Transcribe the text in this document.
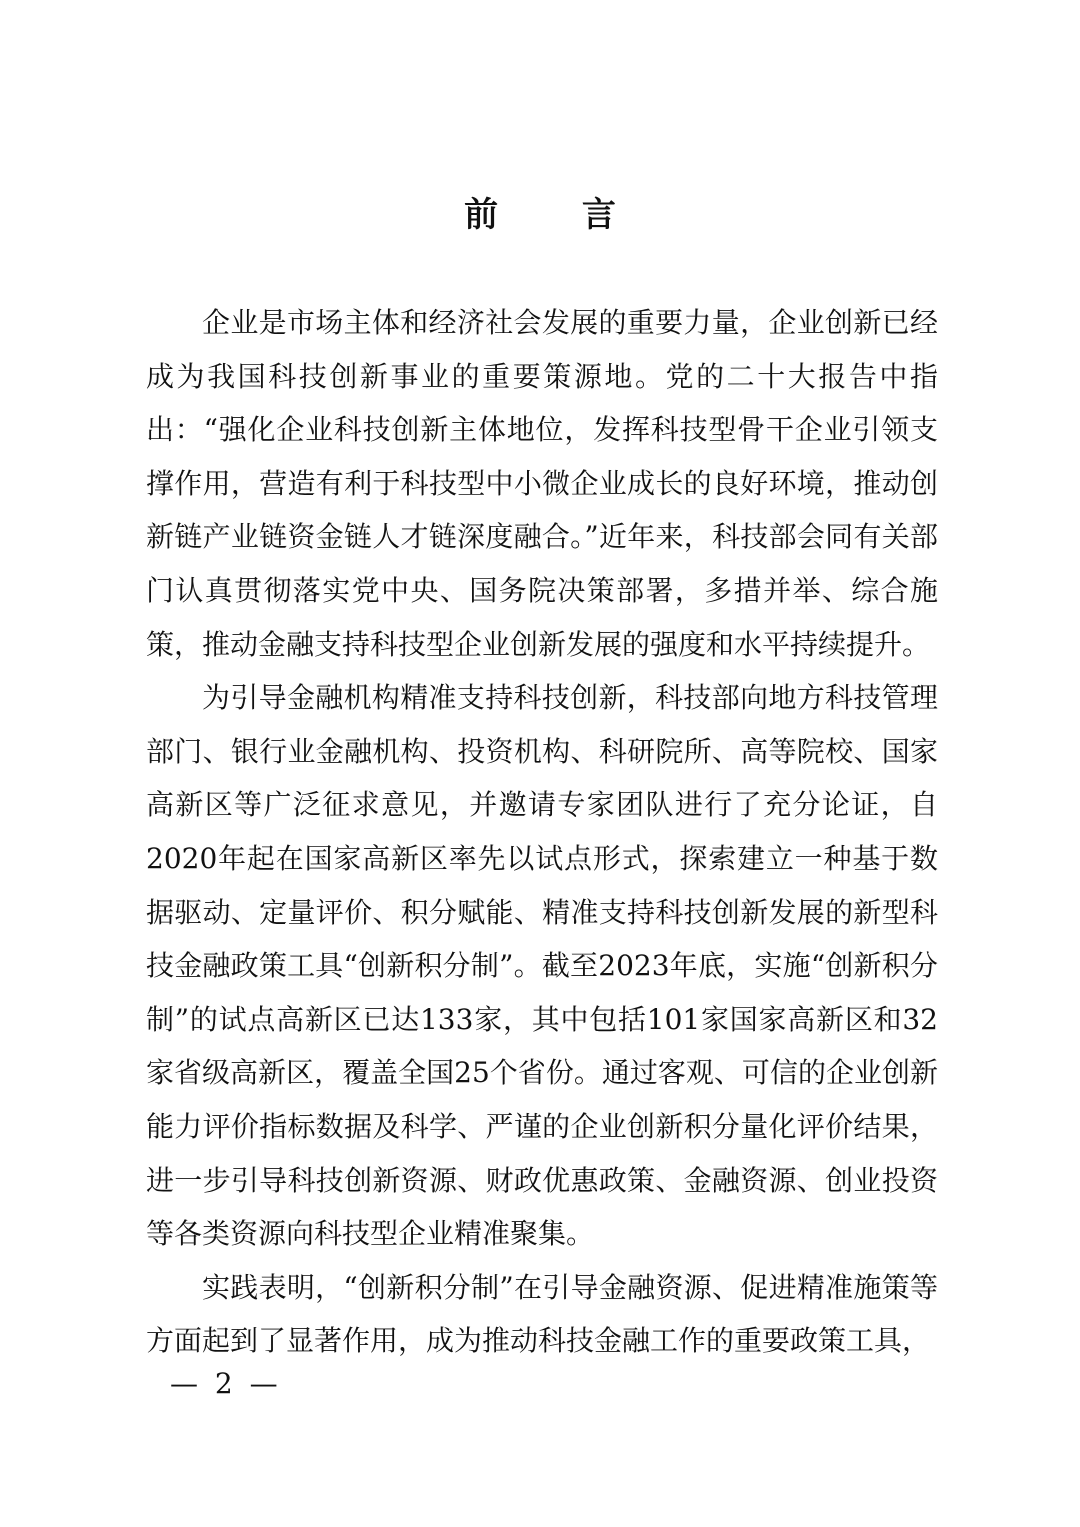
前 言

企业是市场主体和经济社会发展的重要力量，企业创新已经成为我国科技创新事业的重要策源地。党的二十大报告中指出：“强化企业科技创新主体地位，发挥科技型骨干企业引领支撑作用，营造有利于科技型中小微企业成长的良好环境，推动创新链产业链资金链人才链深度融合。”近年来，科技部会同有关部门认真贯彻落实党中央、国务院决策部署，多措并举、综合施策，推动金融支持科技型企业创新发展的强度和水平持续提升。

为引导金融机构精准支持科技创新，科技部向地方科技管理部门、银行业金融机构、投资机构、科研院所、高等院校、国家高新区等广泛征求意见，并邀请专家团队进行了充分论证，自2020年起在国家高新区率先以试点形式，探索建立一种基于数据驱动、定量评价、积分赋能、精准支持科技创新发展的新型科技金融政策工具“创新积分制”。截至2023年底，实施“创新积分制”的试点高新区已达133家，其中包括101家国家高新区和32家省级高新区，覆盖全国25个省份。通过客观、可信的企业创新能力评价指标数据及科学、严谨的企业创新积分量化评价结果，进一步引导科技创新资源、财政优惠政策、金融资源、创业投资等各类资源向科技型企业精准聚集。

实践表明，“创新积分制”在引导金融资源、促进精准施策等方面起到了显著作用，成为推动科技金融工作的重要政策工具，

— 2 —
